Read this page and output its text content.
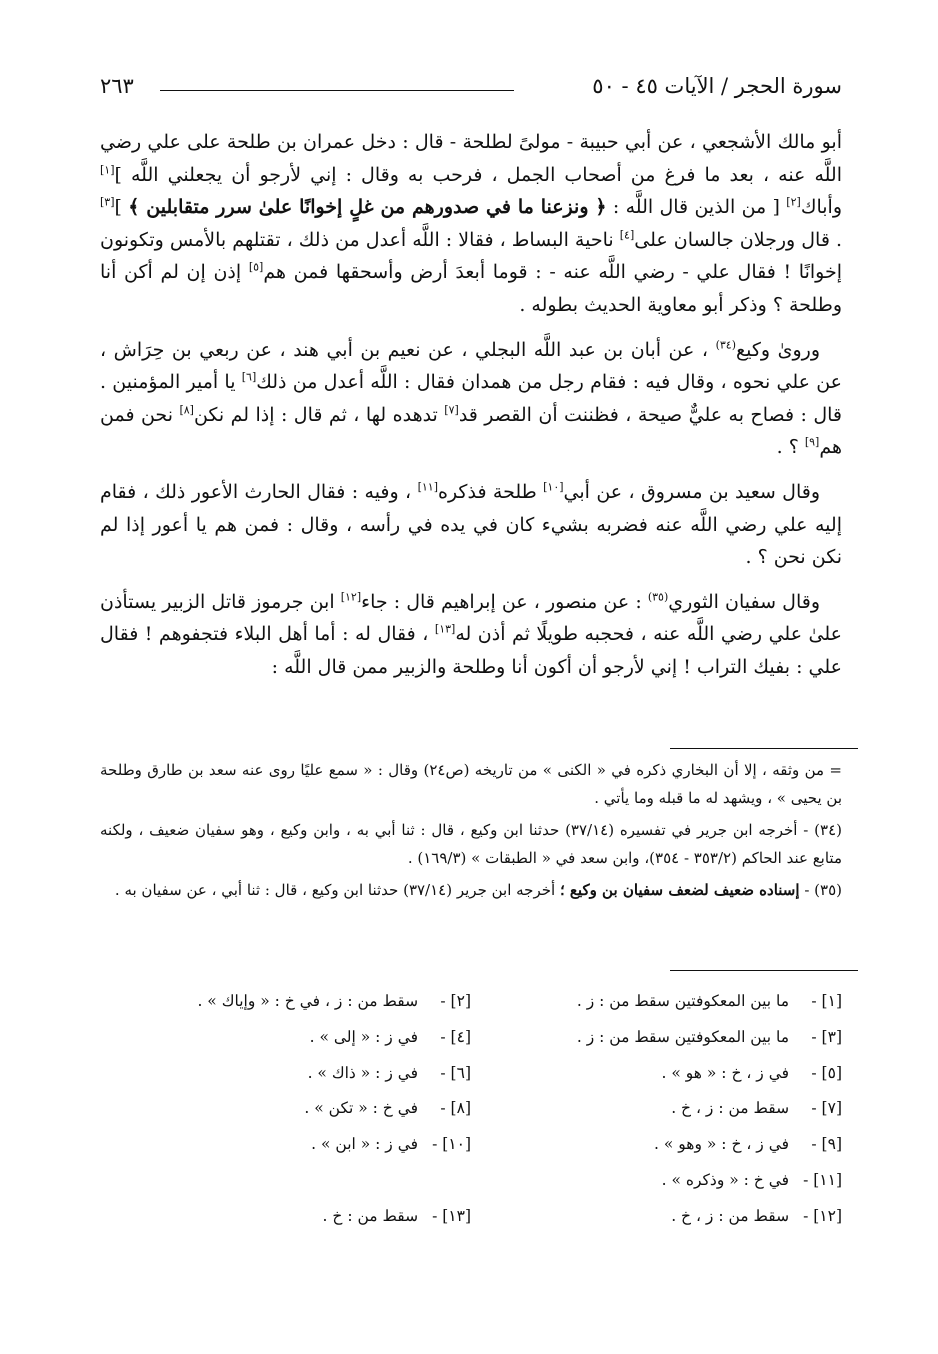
سورة الحجر / الآيات ٤٥ - ٥٠
٢٦٣

أبو مالك الأشجعي ، عن أبي حبيبة - مولىً لطلحة - قال : دخل عمران بن طلحة على علي رضي اللَّه عنه ، بعد ما فرغ من أصحاب الجمل ، فرحب به وقال : إني لأرجو أن يجعلني اللَّه ][١] وأباك[٢] [ من الذين قال اللَّه : ﴿ ونزعنا ما في صدورهم من غلٍ إخوانًا علىٰ سرر متقابلين ﴾ ][٣] . قال ورجلان جالسان على[٤] ناحية البساط ، فقالا : اللَّه أعدل من ذلك ، تقتلهم بالأمس وتكونون إخوانًا ! فقال علي - رضي اللَّه عنه - : قوما أبعدَ أرض وأسحقها فمن هم[٥] إذن إن لم أكن أنا وطلحة ؟ وذكر أبو معاوية الحديث بطوله .

وروىٰ وكيع$^{(٣٤)}$ ، عن أبان بن عبد اللَّه البجلي ، عن نعيم بن أبي هند ، عن ربعي بن حِرَاش ، عن علي نحوه ، وقال فيه : فقام رجل من همدان فقال : اللَّه أعدل من ذلك[٦] يا أمير المؤمنين . قال : فصاح به عليٌّ صيحة ، فظننت أن القصر قد[٧] تدهده لها ، ثم قال : إذا لم نكن[٨] نحن فمن هم[٩] ؟ .

وقال سعيد بن مسروق ، عن أبي[١٠] طلحة فذكره[١١] ، وفيه : فقال الحارث الأعور ذلك ، فقام إليه علي رضي اللَّه عنه فضربه بشيء كان في يده في رأسه ، وقال : فمن هم يا أعور إذا لم نكن نحن ؟ .

وقال سفيان الثوري$^{(٣٥)}$ : عن منصور ، عن إبراهيم قال : جاء[١٢] ابن جرموز قاتل الزبير يستأذن علىٰ علي رضي اللَّه عنه ، فحجبه طويلًا ثم أذن له[١٣] ، فقال له : أما أهل البلاء فتجفوهم ! فقال علي : بفيك التراب ! إني لأرجو أن أكون أنا وطلحة والزبير ممن قال اللَّه :

= من وثقه ، إلا أن البخاري ذكره في « الكنى » من تاريخه (ص٢٤) وقال : « سمع عليًا روى عنه سعد بن طارق وطلحة بن يحيى » ، ويشهد له ما قبله وما يأتي .

(٣٤) - أخرجه ابن جرير في تفسيره (٣٧/١٤) حدثنا ابن وكيع ، قال : ثنا أبي به ، وابن وكيع ، وهو سفيان ضعيف ، ولكنه متابع عند الحاكم (٣٥٣/٢ - ٣٥٤)، وابن سعد في « الطبقات » (١٦٩/٣) .

(٣٥) - إسناده ضعيف لضعف سفيان بن وكيع ؛ أخرجه ابن جرير (٣٧/١٤) حدثنا ابن وكيع ، قال : ثنا أبي ، عن سفيان به .

[١] - ما بين المعكوفتين سقط من : ز .
[٢] - سقط من : ز ، في خ : « وإياك » .
[٣] - ما بين المعكوفتين سقط من : ز .
[٤] - في ز : « إلى » .
[٥] - في ز ، خ : « هو » .
[٦] - في ز : « ذاك » .
[٧] - سقط من : ز ، خ .
[٨] - في خ : « تكن » .
[٩] - في ز ، خ : « وهو » .
[١٠] - في ز : « ابن » .
[١١] - في خ : « وذكره » .
[١٢] - سقط من : ز ، خ .
[١٣] - سقط من : خ .
